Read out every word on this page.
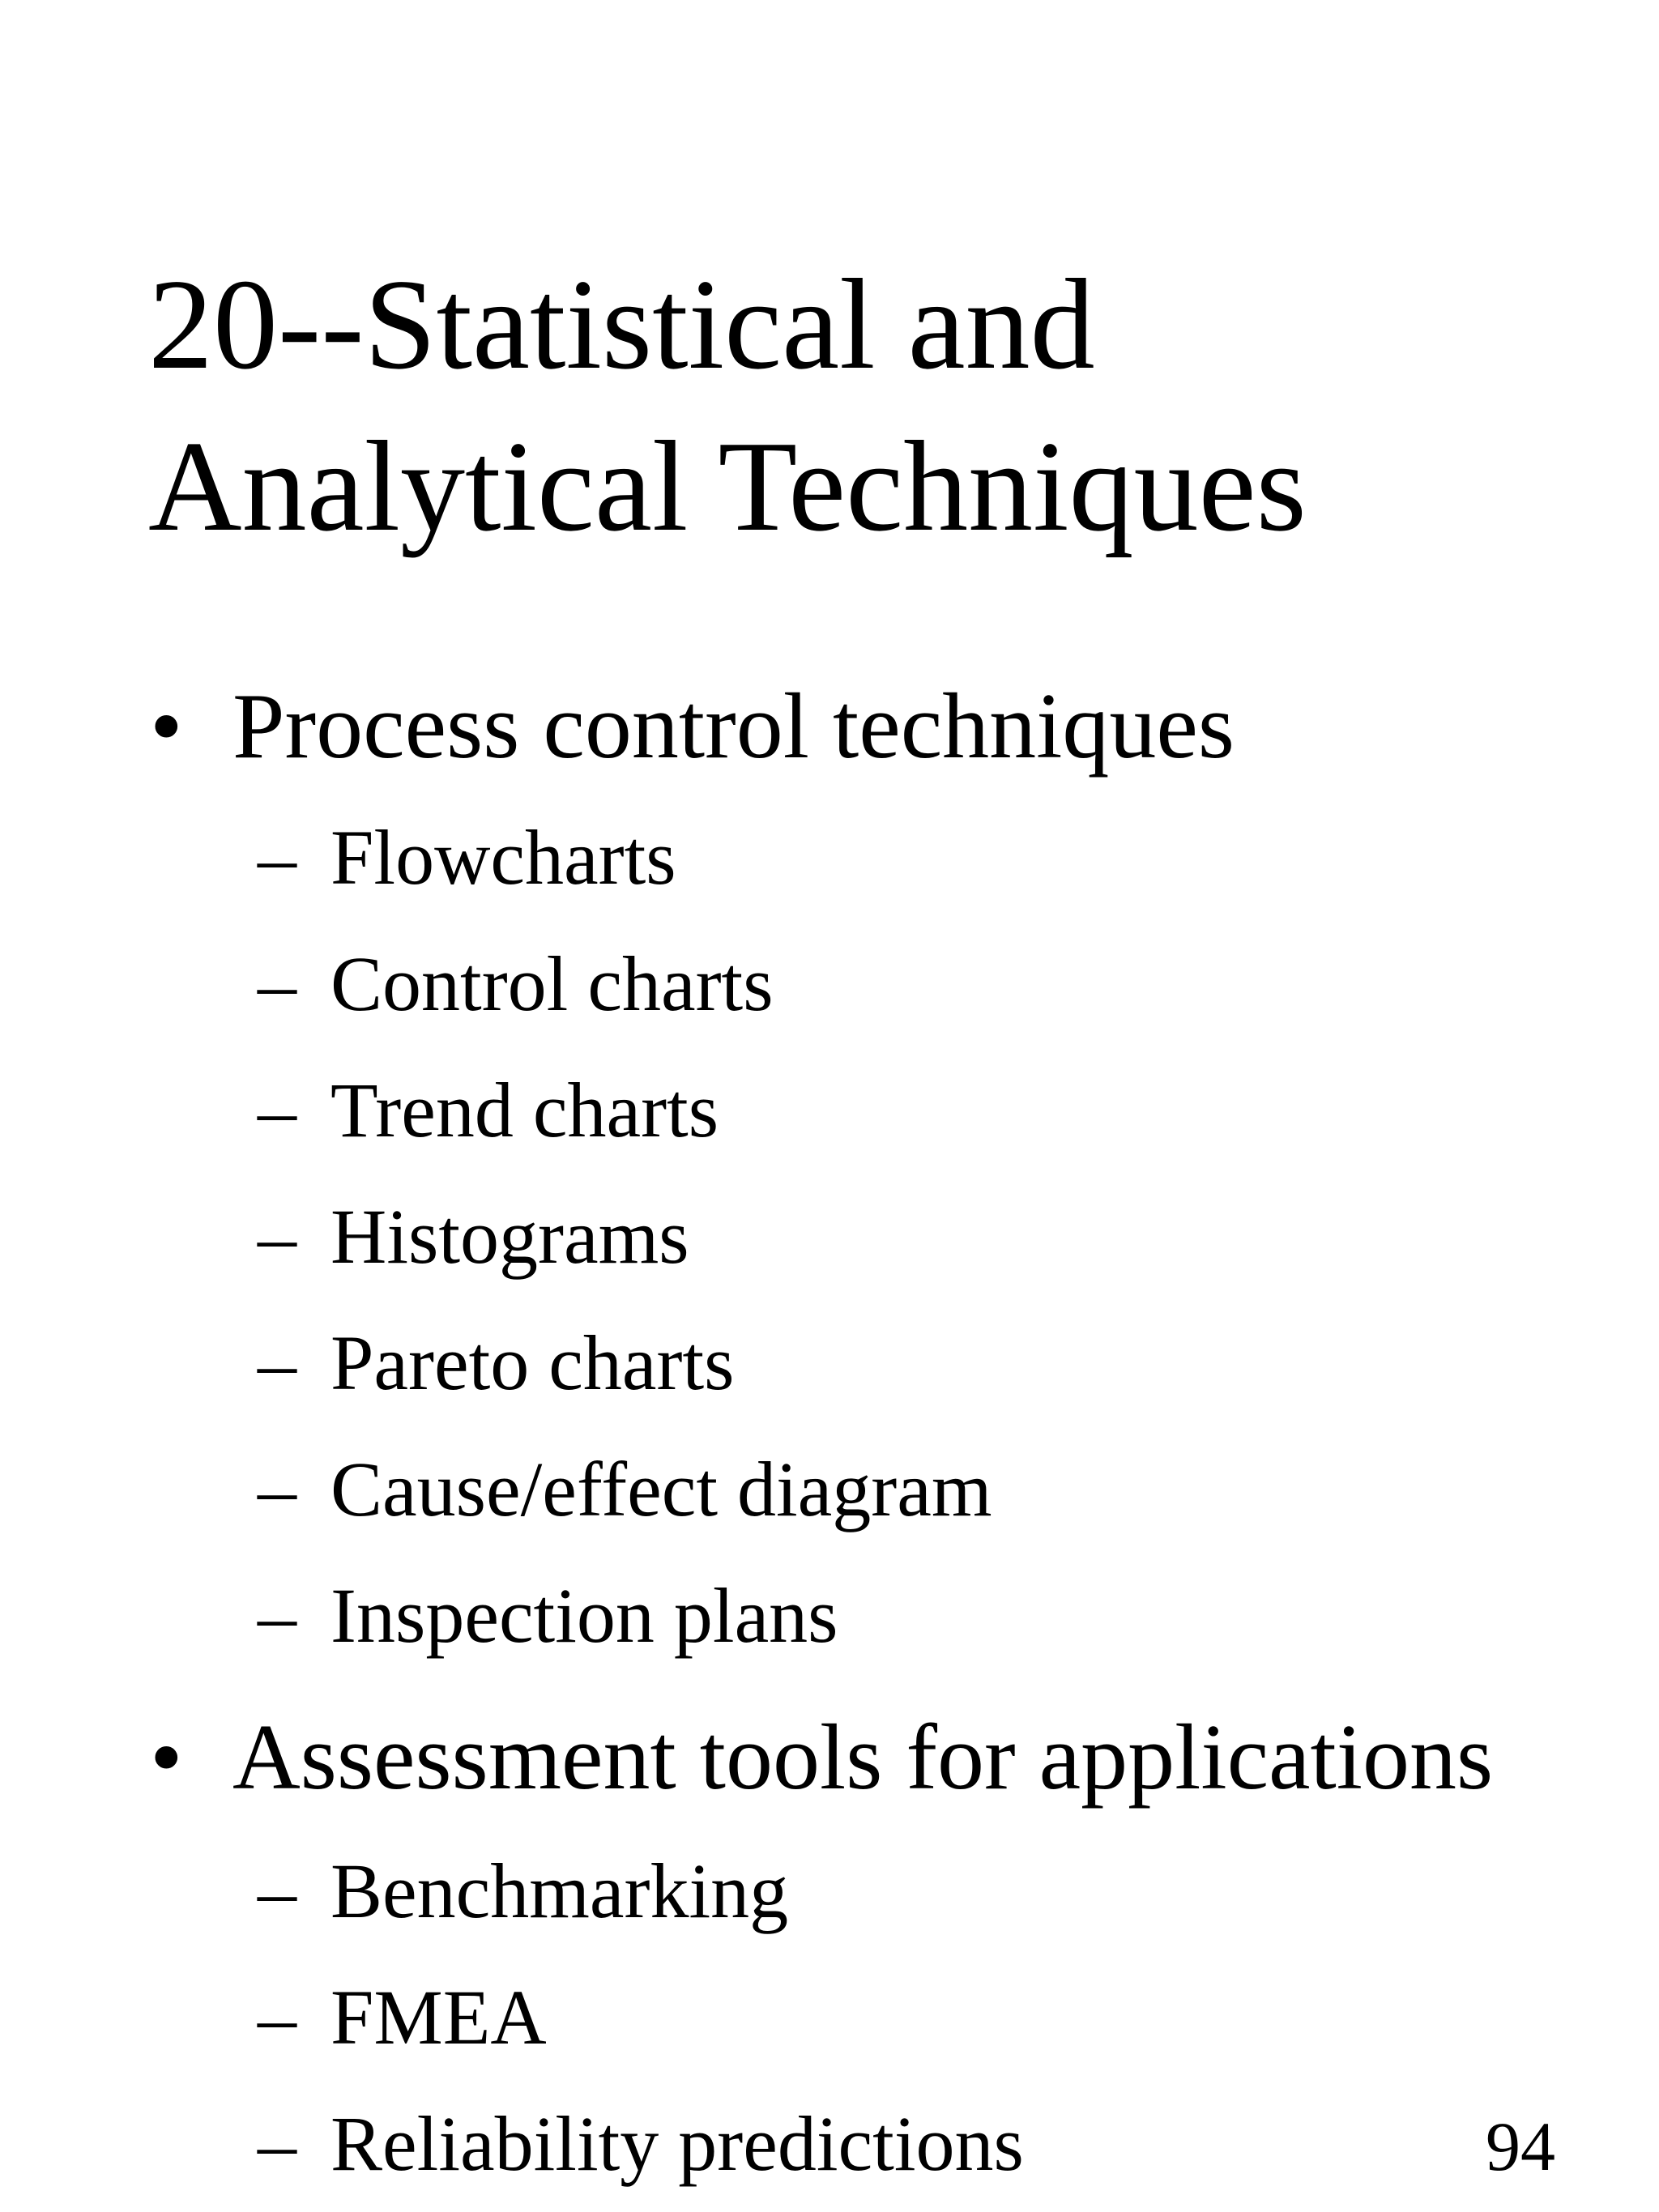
20--Statistical and
Analytical Techniques
• Process control techniques
– Flowcharts
– Control charts
– Trend charts
– Histograms
– Pareto charts
– Cause/effect diagram
– Inspection plans
• Assessment tools for applications
– Benchmarking
– FMEA
– Reliability predictions	94
